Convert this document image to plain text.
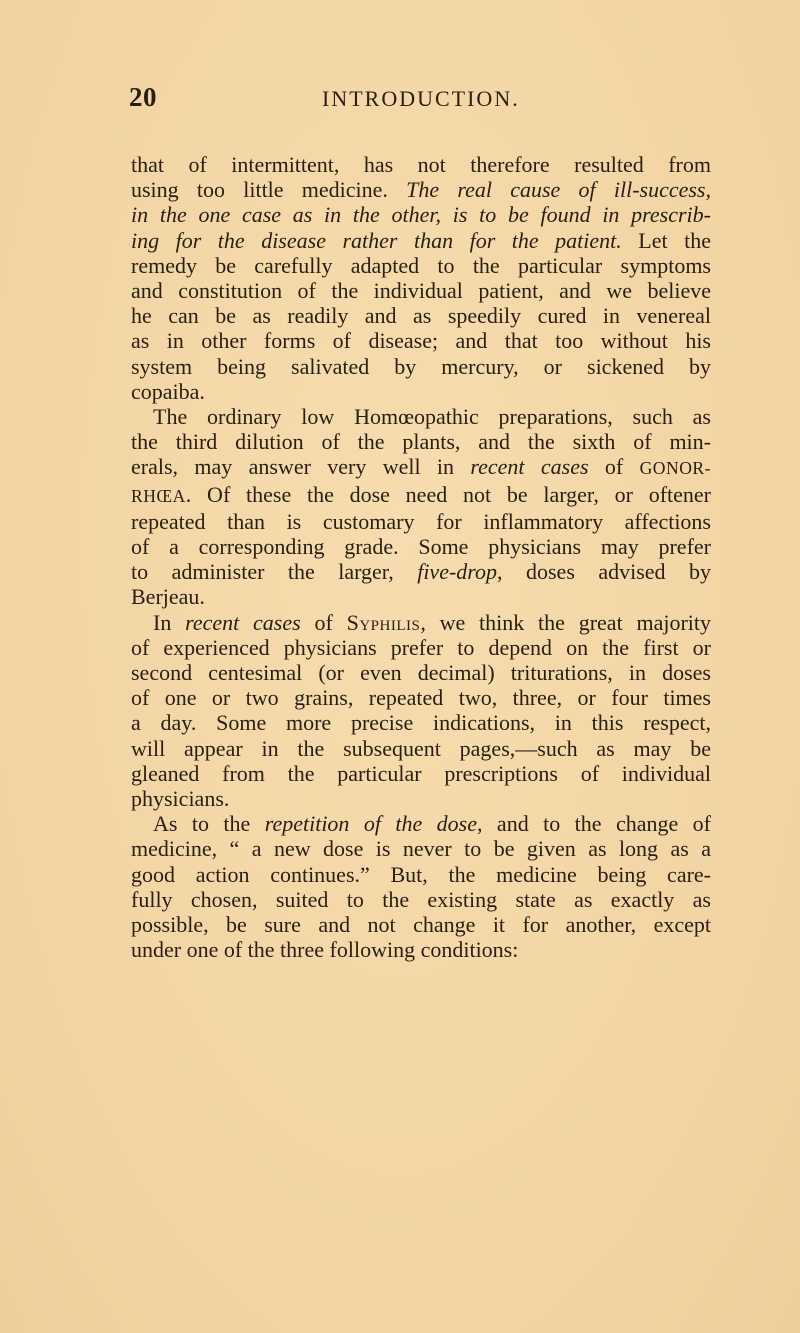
20	INTRODUCTION.
that of intermittent, has not therefore resulted from
using too little medicine. The real cause of ill-success,
in the one case as in the other, is to be found in prescrib-
ing for the disease rather than for the patient. Let the
remedy be carefully adapted to the particular symptoms
and constitution of the individual patient, and we believe
he can be as readily and as speedily cured in venereal
as in other forms of disease; and that too without his
system being salivated by mercury, or sickened by
copaiba.
The ordinary low Homœopathic preparations, such as
the third dilution of the plants, and the sixth of min-
erals, may answer very well in recent cases of GONOR-
RHŒA. Of these the dose need not be larger, or oftener
repeated than is customary for inflammatory affections
of a corresponding grade. Some physicians may prefer
to administer the larger, five-drop, doses advised by
Berjeau.
In recent cases of Syphilis, we think the great majority
of experienced physicians prefer to depend on the first or
second centesimal (or even decimal) triturations, in doses
of one or two grains, repeated two, three, or four times
a day. Some more precise indications, in this respect,
will appear in the subsequent pages,—such as may be
gleaned from the particular prescriptions of individual
physicians.
As to the repetition of the dose, and to the change of
medicine, “ a new dose is never to be given as long as a
good action continues.” But, the medicine being care-
fully chosen, suited to the existing state as exactly as
possible, be sure and not change it for another, except
under one of the three following conditions:
